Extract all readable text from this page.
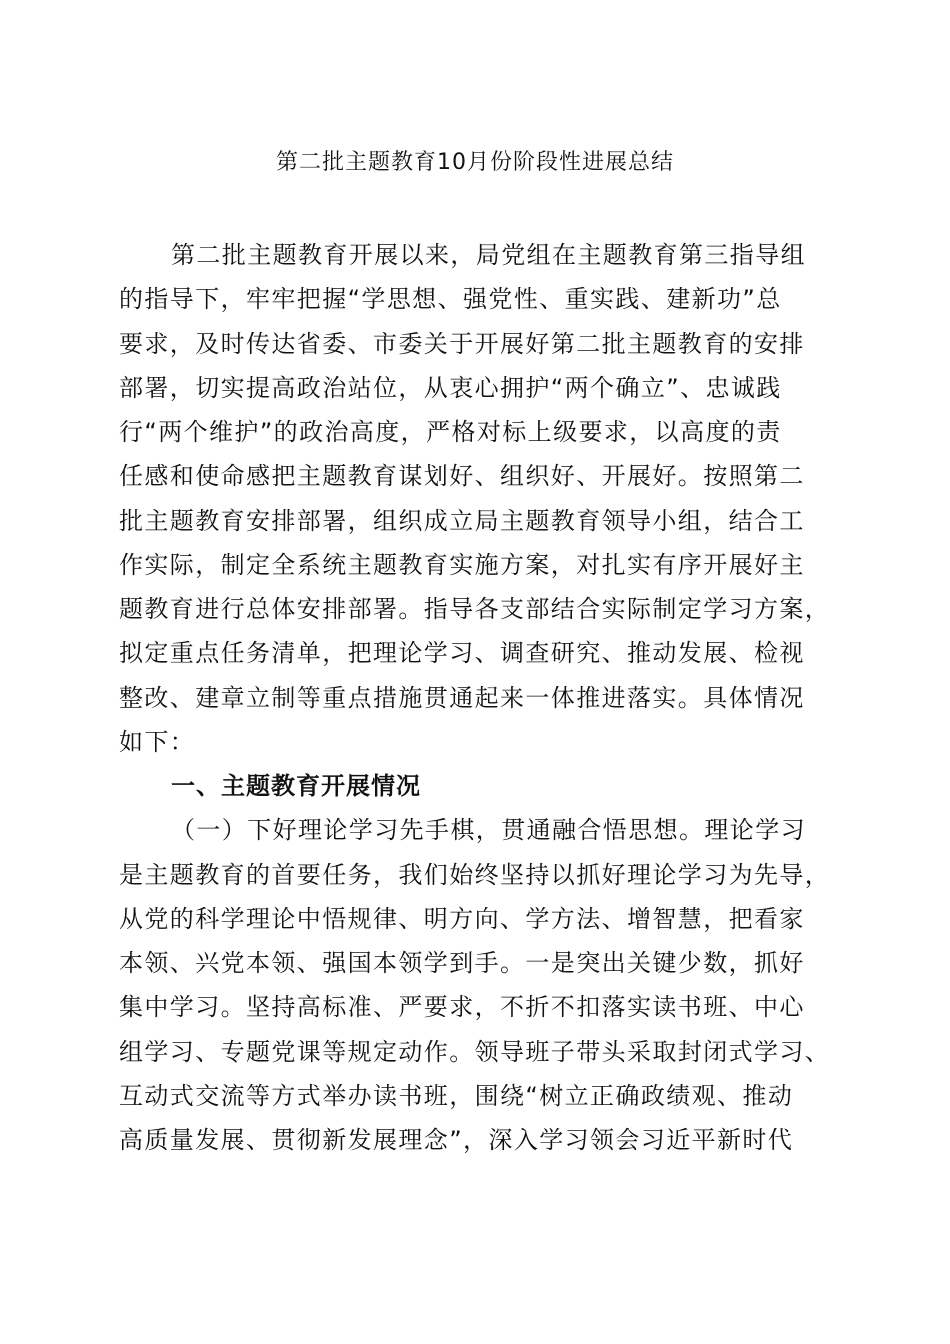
第二批主题教育10月份阶段性进展总结
第二批主题教育开展以来，局党组在主题教育第三指导组
的指导下，牢牢把握“学思想、强党性、重实践、建新功”总
要求，及时传达省委、市委关于开展好第二批主题教育的安排
部署，切实提高政治站位，从衷心拥护“两个确立”、忠诚践
行“两个维护”的政治高度，严格对标上级要求，以高度的责
任感和使命感把主题教育谋划好、组织好、开展好。按照第二
批主题教育安排部署，组织成立局主题教育领导小组，结合工
作实际，制定全系统主题教育实施方案，对扎实有序开展好主
题教育进行总体安排部署。指导各支部结合实际制定学习方案，
拟定重点任务清单，把理论学习、调查研究、推动发展、检视
整改、建章立制等重点措施贯通起来一体推进落实。具体情况
如下：
一、主题教育开展情况
（一）下好理论学习先手棋，贯通融合悟思想。理论学习
是主题教育的首要任务，我们始终坚持以抓好理论学习为先导，
从党的科学理论中悟规律、明方向、学方法、增智慧，把看家
本领、兴党本领、强国本领学到手。一是突出关键少数，抓好
集中学习。坚持高标准、严要求，不折不扣落实读书班、中心
组学习、专题党课等规定动作。领导班子带头采取封闭式学习、
互动式交流等方式举办读书班，围绕“树立正确政绩观、推动
高质量发展、贯彻新发展理念”，深入学习领会习近平新时代
